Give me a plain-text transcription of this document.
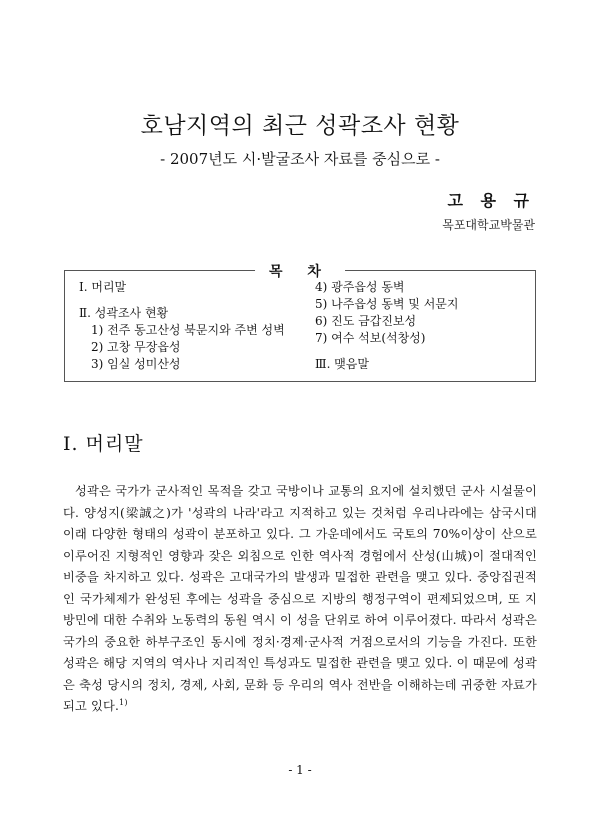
호남지역의 최근 성곽조사 현황
- 2007년도 시·발굴조사 자료를 중심으로 -
고 용 규
목포대학교박물관
목 차
Ⅰ. 머리말
Ⅱ. 성곽조사 현황
1) 전주 동고산성 북문지와 주변 성벽
2) 고창 무장읍성
3) 임실 성미산성
4) 광주읍성 동벽
5) 나주읍성 동벽 및 서문지
6) 진도 금갑진보성
7) 여수 석보(석창성)
Ⅲ. 맺음말
Ⅰ. 머리말

성곽은 국가가 군사적인 목적을 갖고 국방이나 교통의 요지에 설치했던 군사 시설물이다. 양성지(梁誠之)가 '성곽의 나라'라고 지적하고 있는 것처럼 우리나라에는 삼국시대 이래 다양한 형태의 성곽이 분포하고 있다. 그 가운데에서도 국토의 70%이상이 산으로 이루어진 지형적인 영향과 잦은 외침으로 인한 역사적 경험에서 산성(山城)이 절대적인 비중을 차지하고 있다. 성곽은 고대국가의 발생과 밀접한 관련을 맺고 있다. 중앙집권적인 국가체제가 완성된 후에는 성곽을 중심으로 지방의 행정구역이 편제되었으며, 또 지방민에 대한 수취와 노동력의 동원 역시 이 성을 단위로 하여 이루어졌다. 따라서 성곽은 국가의 중요한 하부구조인 동시에 정치·경제·군사적 거점으로서의 기능을 가진다. 또한 성곽은 해당 지역의 역사나 지리적인 특성과도 밀접한 관련을 맺고 있다. 이 때문에 성곽은 축성 당시의 정치, 경제, 사회, 문화 등 우리의 역사 전반을 이해하는데 귀중한 자료가 되고 있다.$^{1)}$

- 1 -
